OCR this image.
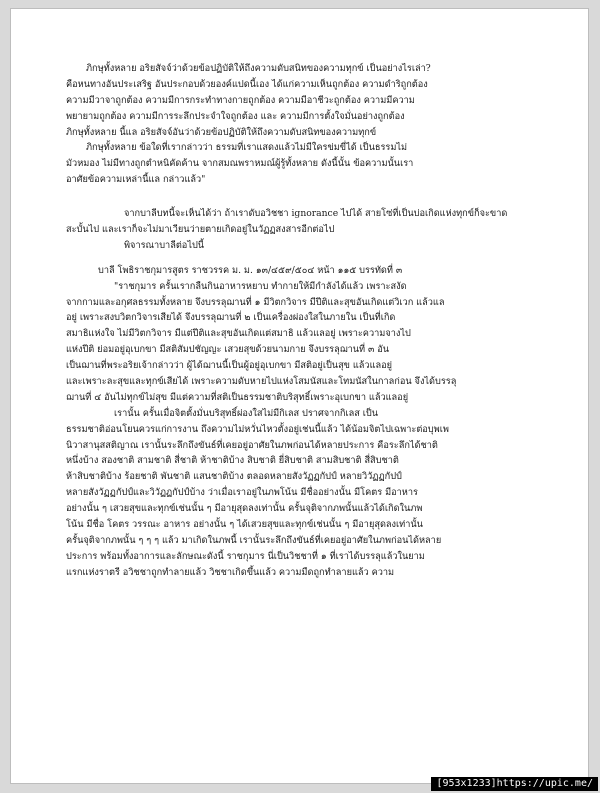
ภิกษุทั้งหลาย อริยสัจจ์ว่าด้วยข้อปฏิบัติให้ถึงความดับสนิทของความทุกข์ เป็นอย่างไรเล่า?
คือหนทางอันประเสริฐ อันประกอบด้วยองค์แปดนี้เอง ได้แก่ความเห็นถูกต้อง ความดำริถูกต้อง
ความมีวาจาถูกต้อง ความมีการกระทำทางกายถูกต้อง ความมีอาชีวะถูกต้อง ความมีความ
พยายามถูกต้อง ความมีการระลึกประจำใจถูกต้อง และ ความมีการตั้งใจมั่นอย่างถูกต้อง
ภิกษุทั้งหลาย นี้แล อริยสัจจ์อันว่าด้วยข้อปฏิบัติให้ถึงความดับสนิทของความทุกข์
ภิกษุทั้งหลาย ข้อใดที่เรากล่าวว่า ธรรมที่เราแสดงแล้วไม่มีใครข่มขี่ได้ เป็นธรรมไม่
มัวหมอง ไม่มีทางถูกตำหนิคัดค้าน จากสมณพราหมณ์ผู้รู้ทั้งหลาย ดังนี้นั้น ข้อความนั้นเรา
อาศัยข้อความเหล่านี้แล กล่าวแล้ว"
จากบาลีบทนี้จะเห็นได้ว่า ถ้าเราดับอวิชชา ignorance ไปได้ สายโซ่ที่เป็นบ่อเกิดแห่งทุกข์ก็จะขาด
สะบั้นไป และเราก็จะไม่มาเวียนว่ายตายเกิดอยู่ในวัฏฏสงสารอีกต่อไป
พิจารณาบาลีต่อไปนี้
บาลี โพธิราชกุมารสูตร ราชวรรค ม. ม. ๑๓/๔๕๙/๕๐๔ หน้า ๑๑๕ บรรทัดที่ ๓
"ราชกุมาร ครั้นเรากลืนกินอาหารหยาบ ทำกายให้มีกำลังได้แล้ว เพราะสงัด
จากกามและอกุศลธรรมทั้งหลาย จึงบรรลุฌานที่ ๑ มีวิตกวิจาร มีปีติและสุขอันเกิดแต่วิเวก แล้วแล
อยู่ เพราะสงบวิตกวิจารเสียได้ จึงบรรลุฌานที่ ๒ เป็นเครื่องผ่องใสในภายใน เป็นที่เกิด
สมาธิแห่งใจ ไม่มีวิตกวิจาร มีแต่ปีติและสุขอันเกิดแต่สมาธิ แล้วแลอยู่ เพราะความจางไป
แห่งปีติ ย่อมอยู่อุเบกขา มีสติสัมปชัญญะ เสวยสุขด้วยนามกาย จึงบรรลุฌานที่ ๓ อัน
เป็นฌานที่พระอริยเจ้ากล่าวว่า ผู้ได้ฌานนี้เป็นผู้อยู่อุเบกขา มีสติอยู่เป็นสุข แล้วแลอยู่
และเพราะละสุขและทุกข์เสียได้ เพราะความดับหายไปแห่งโสมนัสและโทมนัสในกาลก่อน จึงได้บรรลุ
ฌานที่ ๔ อันไม่ทุกข์ไม่สุข มีแต่ความที่สติเป็นธรรมชาติบริสุทธิ์เพราะอุเบกขา แล้วแลอยู่
เรานั้น ครั้นเมื่อจิตตั้งมั่นบริสุทธิ์ผ่องใสไม่มีกิเลส ปราศจากกิเลส เป็น
ธรรมชาติอ่อนโยนควรแก่การงาน ถึงความไม่หวั่นไหวตั้งอยู่เช่นนี้แล้ว ได้น้อมจิตไปเฉพาะต่อบุพเพ
นิวาสานุสสติญาณ เรานั้นระลึกถึงขันธ์ที่เคยอยู่อาศัยในภพก่อนได้หลายประการ คือระลึกได้ชาติ
หนึ่งบ้าง สองชาติ สามชาติ สี่ชาติ ห้าชาติบ้าง สิบชาติ ยี่สิบชาติ สามสิบชาติ สี่สิบชาติ
ห้าสิบชาติบ้าง ร้อยชาติ พันชาติ แสนชาติบ้าง ตลอดหลายสังวัฏฏกัปป์ หลายวิวัฏฏกัปป์
หลายสังวัฏฏกัปป์และวิวัฏฏกัปป์บ้าง ว่าเมื่อเราอยู่ในภพโน้น มีชื่ออย่างนั้น มีโคตร มีอาหาร
อย่างนั้น ๆ เสวยสุขและทุกข์เช่นนั้น ๆ มีอายุสุดลงเท่านั้น ครั้นจุติจากภพนั้นแล้วได้เกิดในภพ
โน้น มีชื่อ โคตร วรรณะ อาหาร อย่างนั้น ๆ ได้เสวยสุขและทุกข์เช่นนั้น ๆ มีอายุสุดลงเท่านั้น
ครั้นจุติจากภพนั้น ๆ ๆ ๆ แล้ว มาเกิดในภพนี้ เรานั้นระลึกถึงขันธ์ที่เคยอยู่อาศัยในภพก่อนได้หลาย
ประการ พร้อมทั้งอาการและลักษณะดังนี้ ราชกุมาร นี่เป็นวิชชาที่ ๑ ที่เราได้บรรลุแล้วในยาม
แรกแห่งราตรี อวิชชาถูกทำลายแล้ว วิชชาเกิดขึ้นแล้ว ความมืดถูกทำลายแล้ว ความ
[953x1233]https://upic.me/
